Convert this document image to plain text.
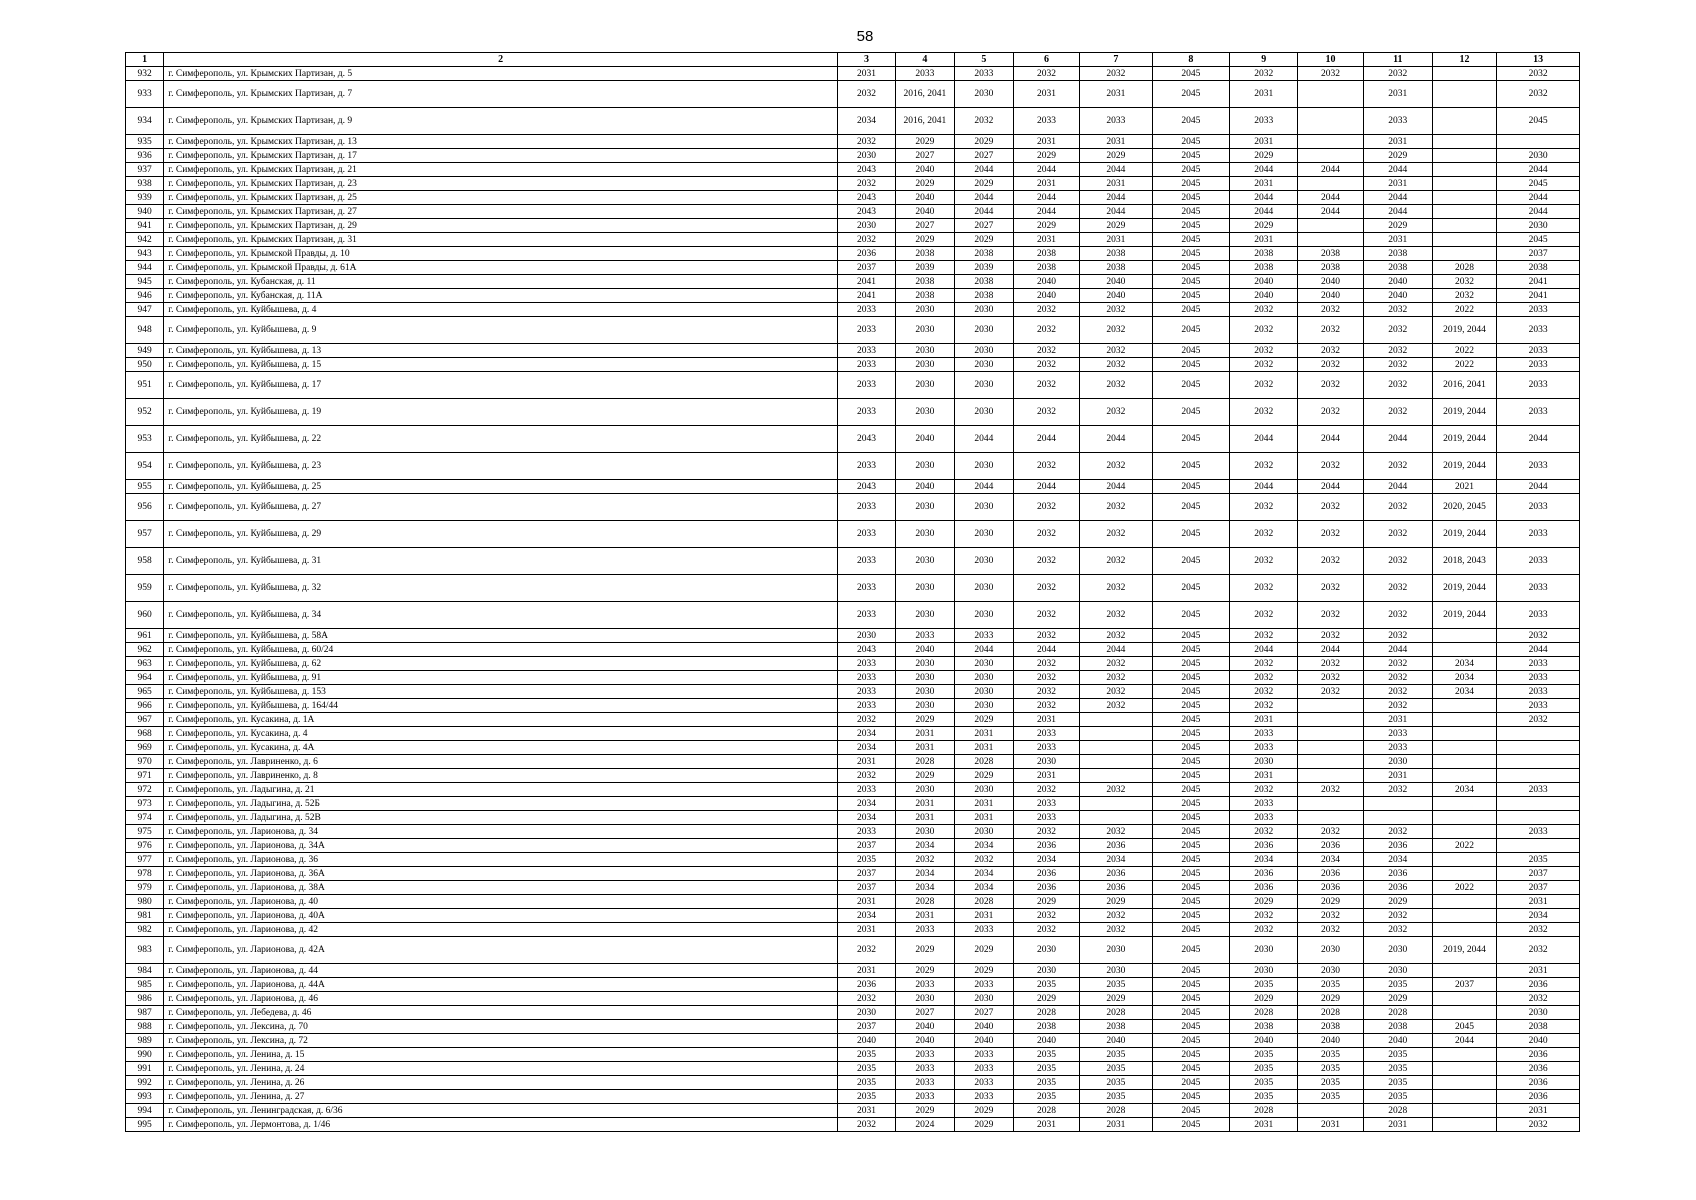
58
1	2	3	4	5	6	7	8	9	10	11	12	13
932	г. Симферополь, ул. Крымских Партизан, д. 5	2031	2033	2033	2032	2032	2045	2032	2032	2032		2032
933	г. Симферополь, ул. Крымских Партизан, д. 7	2032	2016, 2041	2030	2031	2031	2045	2031		2031		2032
934	г. Симферополь, ул. Крымских Партизан, д. 9	2034	2016, 2041	2032	2033	2033	2045	2033		2033		2045
935	г. Симферополь, ул. Крымских Партизан, д. 13	2032	2029	2029	2031	2031	2045	2031		2031		
936	г. Симферополь, ул. Крымских Партизан, д. 17	2030	2027	2027	2029	2029	2045	2029		2029		2030
937	г. Симферополь, ул. Крымских Партизан, д. 21	2043	2040	2044	2044	2044	2045	2044	2044	2044		2044
938	г. Симферополь, ул. Крымских Партизан, д. 23	2032	2029	2029	2031	2031	2045	2031		2031		2045
939	г. Симферополь, ул. Крымских Партизан, д. 25	2043	2040	2044	2044	2044	2045	2044	2044	2044		2044
940	г. Симферополь, ул. Крымских Партизан, д. 27	2043	2040	2044	2044	2044	2045	2044	2044	2044		2044
941	г. Симферополь, ул. Крымских Партизан, д. 29	2030	2027	2027	2029	2029	2045	2029		2029		2030
942	г. Симферополь, ул. Крымских Партизан, д. 31	2032	2029	2029	2031	2031	2045	2031		2031		2045
943	г. Симферополь, ул. Крымской Правды, д. 10	2036	2038	2038	2038	2038	2045	2038	2038	2038		2037
944	г. Симферополь, ул. Крымской Правды, д. 61А	2037	2039	2039	2038	2038	2045	2038	2038	2038	2028	2038
945	г. Симферополь, ул. Кубанская, д. 11	2041	2038	2038	2040	2040	2045	2040	2040	2040	2032	2041
946	г. Симферополь, ул. Кубанская, д. 11А	2041	2038	2038	2040	2040	2045	2040	2040	2040	2032	2041
947	г. Симферополь, ул. Куйбышева, д. 4	2033	2030	2030	2032	2032	2045	2032	2032	2032	2022	2033
948	г. Симферополь, ул. Куйбышева, д. 9	2033	2030	2030	2032	2032	2045	2032	2032	2032	2019, 2044	2033
949	г. Симферополь, ул. Куйбышева, д. 13	2033	2030	2030	2032	2032	2045	2032	2032	2032	2022	2033
950	г. Симферополь, ул. Куйбышева, д. 15	2033	2030	2030	2032	2032	2045	2032	2032	2032	2022	2033
951	г. Симферополь, ул. Куйбышева, д. 17	2033	2030	2030	2032	2032	2045	2032	2032	2032	2016, 2041	2033
952	г. Симферополь, ул. Куйбышева, д. 19	2033	2030	2030	2032	2032	2045	2032	2032	2032	2019, 2044	2033
953	г. Симферополь, ул. Куйбышева, д. 22	2043	2040	2044	2044	2044	2045	2044	2044	2044	2019, 2044	2044
954	г. Симферополь, ул. Куйбышева, д. 23	2033	2030	2030	2032	2032	2045	2032	2032	2032	2019, 2044	2033
955	г. Симферополь, ул. Куйбышева, д. 25	2043	2040	2044	2044	2044	2045	2044	2044	2044	2021	2044
956	г. Симферополь, ул. Куйбышева, д. 27	2033	2030	2030	2032	2032	2045	2032	2032	2032	2020, 2045	2033
957	г. Симферополь, ул. Куйбышева, д. 29	2033	2030	2030	2032	2032	2045	2032	2032	2032	2019, 2044	2033
958	г. Симферополь, ул. Куйбышева, д. 31	2033	2030	2030	2032	2032	2045	2032	2032	2032	2018, 2043	2033
959	г. Симферополь, ул. Куйбышева, д. 32	2033	2030	2030	2032	2032	2045	2032	2032	2032	2019, 2044	2033
960	г. Симферополь, ул. Куйбышева, д. 34	2033	2030	2030	2032	2032	2045	2032	2032	2032	2019, 2044	2033
961	г. Симферополь, ул. Куйбышева, д. 58А	2030	2033	2033	2032	2032	2045	2032	2032	2032		2032
962	г. Симферополь, ул. Куйбышева, д. 60/24	2043	2040	2044	2044	2044	2045	2044	2044	2044		2044
963	г. Симферополь, ул. Куйбышева, д. 62	2033	2030	2030	2032	2032	2045	2032	2032	2032	2034	2033
964	г. Симферополь, ул. Куйбышева, д. 91	2033	2030	2030	2032	2032	2045	2032	2032	2032	2034	2033
965	г. Симферополь, ул. Куйбышева, д. 153	2033	2030	2030	2032	2032	2045	2032	2032	2032	2034	2033
966	г. Симферополь, ул. Куйбышева, д. 164/44	2033	2030	2030	2032	2032	2045	2032		2032		2033
967	г. Симферополь, ул. Кусакина, д. 1А	2032	2029	2029	2031		2045	2031		2031		2032
968	г. Симферополь, ул. Кусакина, д. 4	2034	2031	2031	2033		2045	2033		2033		
969	г. Симферополь, ул. Кусакина, д. 4А	2034	2031	2031	2033		2045	2033		2033		
970	г. Симферополь, ул. Лавриненко, д. 6	2031	2028	2028	2030		2045	2030		2030		
971	г. Симферополь, ул. Лавриненко, д. 8	2032	2029	2029	2031		2045	2031		2031		
972	г. Симферополь, ул. Ладыгина, д. 21	2033	2030	2030	2032	2032	2045	2032	2032	2032	2034	2033
973	г. Симферополь, ул. Ладыгина, д. 52Б	2034	2031	2031	2033		2045	2033				
974	г. Симферополь, ул. Ладыгина, д. 52В	2034	2031	2031	2033		2045	2033				
975	г. Симферополь, ул. Ларионова, д. 34	2033	2030	2030	2032	2032	2045	2032	2032	2032		2033
976	г. Симферополь, ул. Ларионова, д. 34А	2037	2034	2034	2036	2036	2045	2036	2036	2036	2022	
977	г. Симферополь, ул. Ларионова, д. 36	2035	2032	2032	2034	2034	2045	2034	2034	2034		2035
978	г. Симферополь, ул. Ларионова, д. 36А	2037	2034	2034	2036	2036	2045	2036	2036	2036		2037
979	г. Симферополь, ул. Ларионова, д. 38А	2037	2034	2034	2036	2036	2045	2036	2036	2036	2022	2037
980	г. Симферополь, ул. Ларионова, д. 40	2031	2028	2028	2029	2029	2045	2029	2029	2029		2031
981	г. Симферополь, ул. Ларионова, д. 40А	2034	2031	2031	2032	2032	2045	2032	2032	2032		2034
982	г. Симферополь, ул. Ларионова, д. 42	2031	2033	2033	2032	2032	2045	2032	2032	2032		2032
983	г. Симферополь, ул. Ларионова, д. 42А	2032	2029	2029	2030	2030	2045	2030	2030	2030	2019, 2044	2032
984	г. Симферополь, ул. Ларионова, д. 44	2031	2029	2029	2030	2030	2045	2030	2030	2030		2031
985	г. Симферополь, ул. Ларионова, д. 44А	2036	2033	2033	2035	2035	2045	2035	2035	2035	2037	2036
986	г. Симферополь, ул. Ларионова, д. 46	2032	2030	2030	2029	2029	2045	2029	2029	2029		2032
987	г. Симферополь, ул. Лебедева, д. 46	2030	2027	2027	2028	2028	2045	2028	2028	2028		2030
988	г. Симферополь, ул. Лексина, д. 70	2037	2040	2040	2038	2038	2045	2038	2038	2038	2045	2038
989	г. Симферополь, ул. Лексина, д. 72	2040	2040	2040	2040	2040	2045	2040	2040	2040	2044	2040
990	г. Симферополь, ул. Ленина, д. 15	2035	2033	2033	2035	2035	2045	2035	2035	2035		2036
991	г. Симферополь, ул. Ленина, д. 24	2035	2033	2033	2035	2035	2045	2035	2035	2035		2036
992	г. Симферополь, ул. Ленина, д. 26	2035	2033	2033	2035	2035	2045	2035	2035	2035		2036
993	г. Симферополь, ул. Ленина, д. 27	2035	2033	2033	2035	2035	2045	2035	2035	2035		2036
994	г. Симферополь, ул. Ленинградская, д. 6/36	2031	2029	2029	2028	2028	2045	2028		2028		2031
995	г. Симферополь, ул. Лермонтова, д. 1/46	2032	2024	2029	2031	2031	2045	2031	2031	2031		2032
